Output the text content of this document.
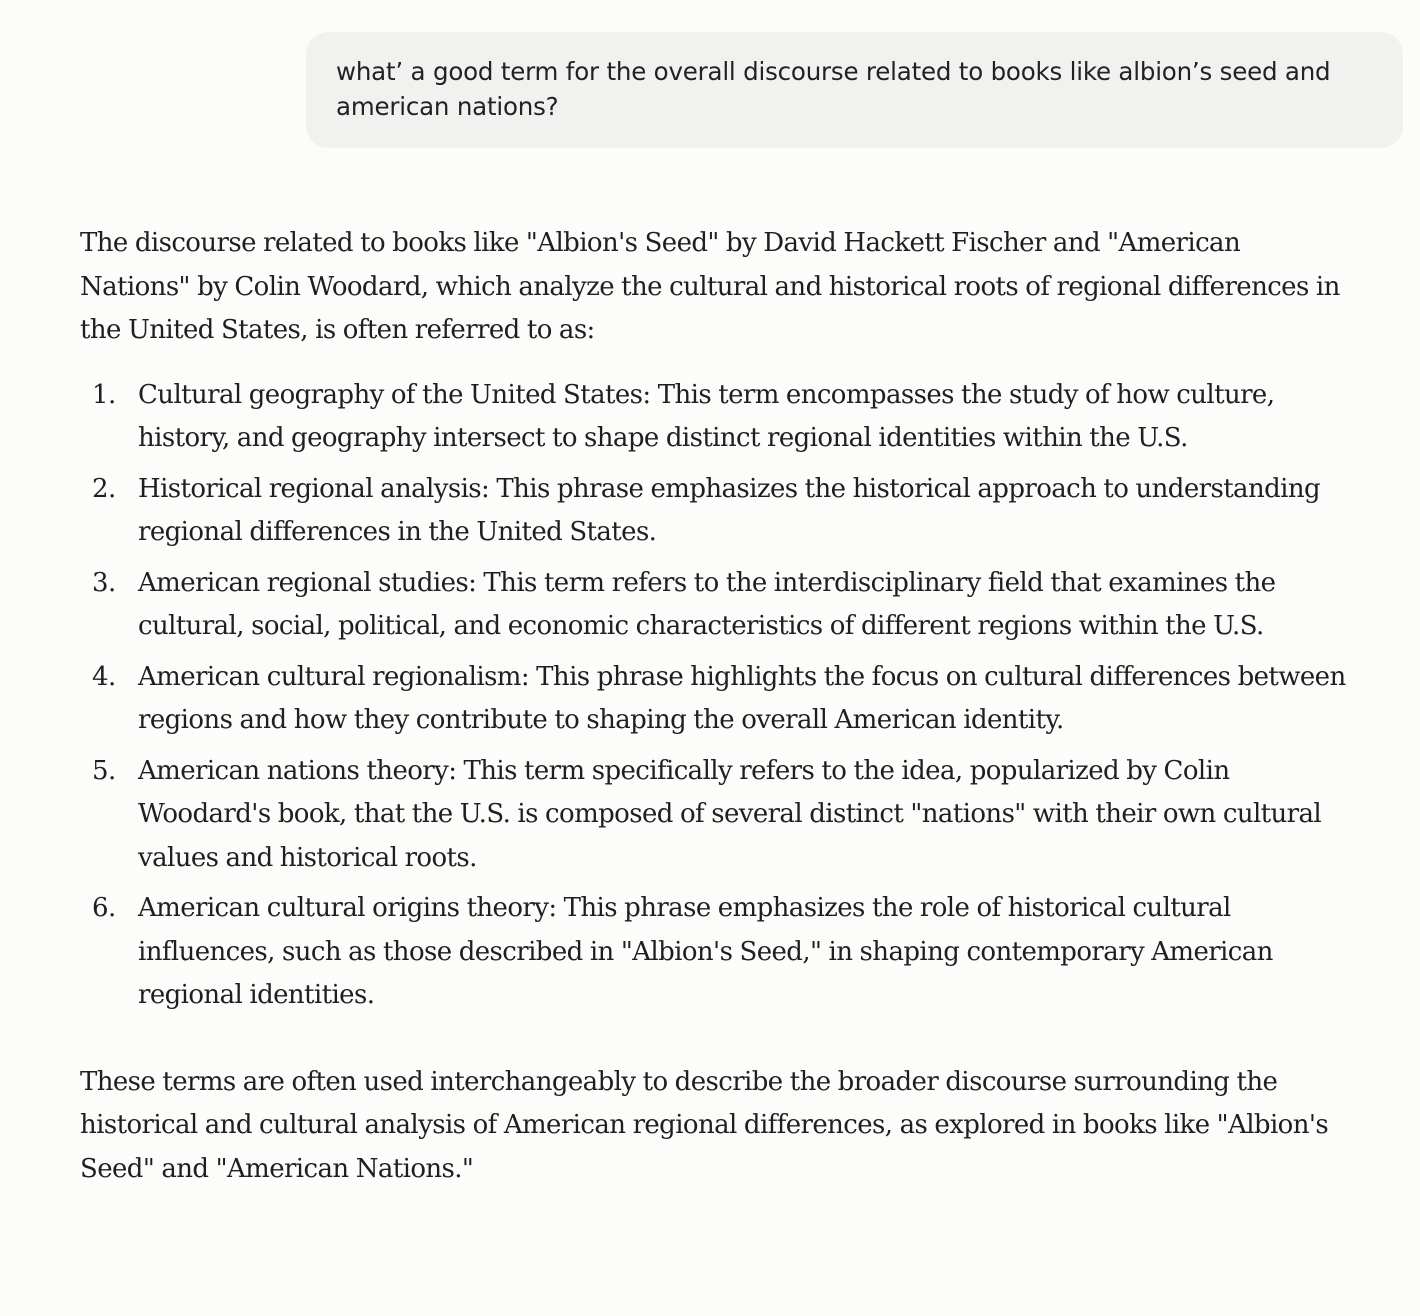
what’ a good term for the overall discourse related to books like albion’s seed and american nations?

The discourse related to books like "Albion's Seed" by David Hackett Fischer and "American Nations" by Colin Woodard, which analyze the cultural and historical roots of regional differences in the United States, is often referred to as:

1. Cultural geography of the United States: This term encompasses the study of how culture, history, and geography intersect to shape distinct regional identities within the U.S.
2. Historical regional analysis: This phrase emphasizes the historical approach to understanding regional differences in the United States.
3. American regional studies: This term refers to the interdisciplinary field that examines the cultural, social, political, and economic characteristics of different regions within the U.S.
4. American cultural regionalism: This phrase highlights the focus on cultural differences between regions and how they contribute to shaping the overall American identity.
5. American nations theory: This term specifically refers to the idea, popularized by Colin Woodard's book, that the U.S. is composed of several distinct "nations" with their own cultural values and historical roots.
6. American cultural origins theory: This phrase emphasizes the role of historical cultural influences, such as those described in "Albion's Seed," in shaping contemporary American regional identities.

These terms are often used interchangeably to describe the broader discourse surrounding the historical and cultural analysis of American regional differences, as explored in books like "Albion's Seed" and "American Nations."
